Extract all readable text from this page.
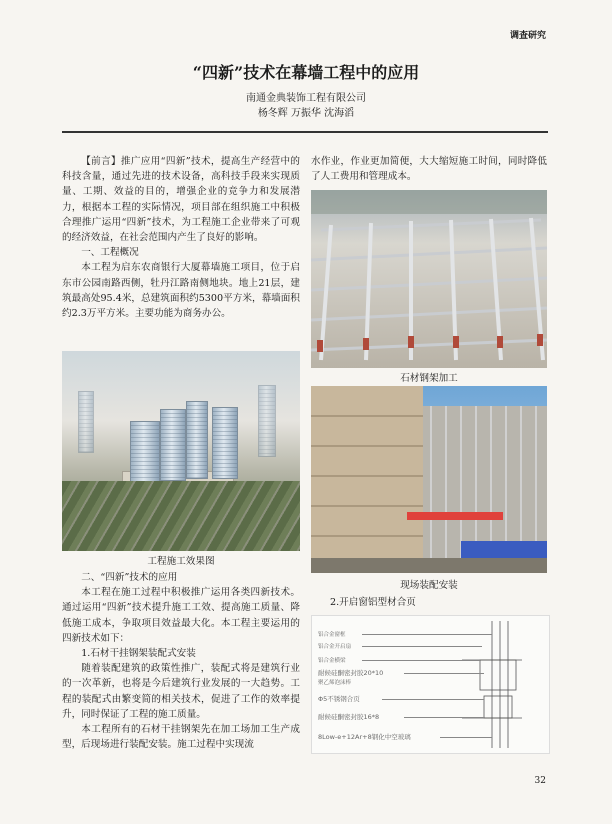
调查研究
“四新”技术在幕墙工程中的应用
南通金典装饰工程有限公司
杨冬辉 万振华 沈海滔

【前言】推广应用“四新”技术，提高生产经营中的科技含量，通过先进的技术设备，高科技手段来实现质量、工期、效益的目的，增强企业的竞争力和发展潜力，根据本工程的实际情况，项目部在组织施工中积极合理推广运用“四新”技术，为工程施工企业带来了可观的经济效益，在社会范围内产生了良好的影响。

一、工程概况

本工程为启东农商银行大厦幕墙施工项目，位于启东市公园南路西侧，牡丹江路南侧地块。地上21层，建筑最高处95.4米，总建筑面积约5300平方米，幕墙面积约2.3万平方米。主要功能为商务办公。

工程施工效果图

二、“四新”技术的应用

本工程在施工过程中积极推广运用各类四新技术。通过运用“四新”技术提升施工工效、提高施工质量、降低施工成本，争取项目效益最大化。本工程主要运用的四新技术如下：

1.石材干挂钢架装配式安装

随着装配建筑的政策性推广，装配式将是建筑行业的一次革新，也将是今后建筑行业发展的一大趋势。工程的装配式由繁变简的相关技术，促进了工作的效率提升，同时保证了工程的施工质量。

本工程所有的石材干挂钢架先在加工场加工生产成型，后现场进行装配安装。施工过程中实现流

水作业，作业更加简便，大大缩短施工时间，同时降低了人工费用和管理成本。

石材钢架加工
现场装配安装

2.开启窗铝型材合页

铝合金窗框
铝合金开启扇
铝合金横梁
耐候硅酮密封胶20*10
聚乙烯泡沫棒
Φ5不锈钢合页
耐候硅酮密封胶16*8
8Low-e+12Ar+8钢化中空玻璃
32
